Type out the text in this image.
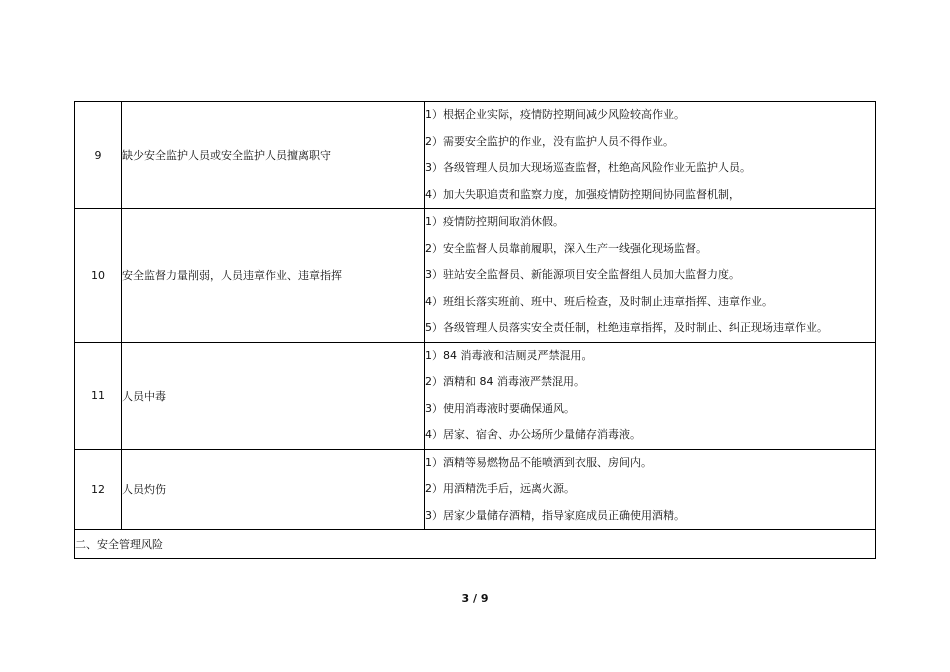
9	缺少安全监护人员或安全监护人员擅离职守	1）根据企业实际，疫情防控期间减少风险较高作业。
2）需要安全监护的作业，没有监护人员不得作业。
3）各级管理人员加大现场巡查监督，杜绝高风险作业无监护人员。
4）加大失职追责和监察力度，加强疫情防控期间协同监督机制，

10	安全监督力量削弱，人员违章作业、违章指挥	1）疫情防控期间取消休假。
2）安全监督人员靠前履职，深入生产一线强化现场监督。
3）驻站安全监督员、新能源项目安全监督组人员加大监督力度。
4）班组长落实班前、班中、班后检查，及时制止违章指挥、违章作业。
5）各级管理人员落实安全责任制，杜绝违章指挥，及时制止、纠正现场违章作业。

11	人员中毒	1）84 消毒液和洁厕灵严禁混用。
2）酒精和 84 消毒液严禁混用。
3）使用消毒液时要确保通风。
4）居家、宿舍、办公场所少量储存消毒液。

12	人员灼伤	1）酒精等易燃物品不能喷洒到衣服、房间内。
2）用酒精洗手后，远离火源。
3）居家少量储存酒精，指导家庭成员正确使用酒精。

二、安全管理风险		
3 / 9
